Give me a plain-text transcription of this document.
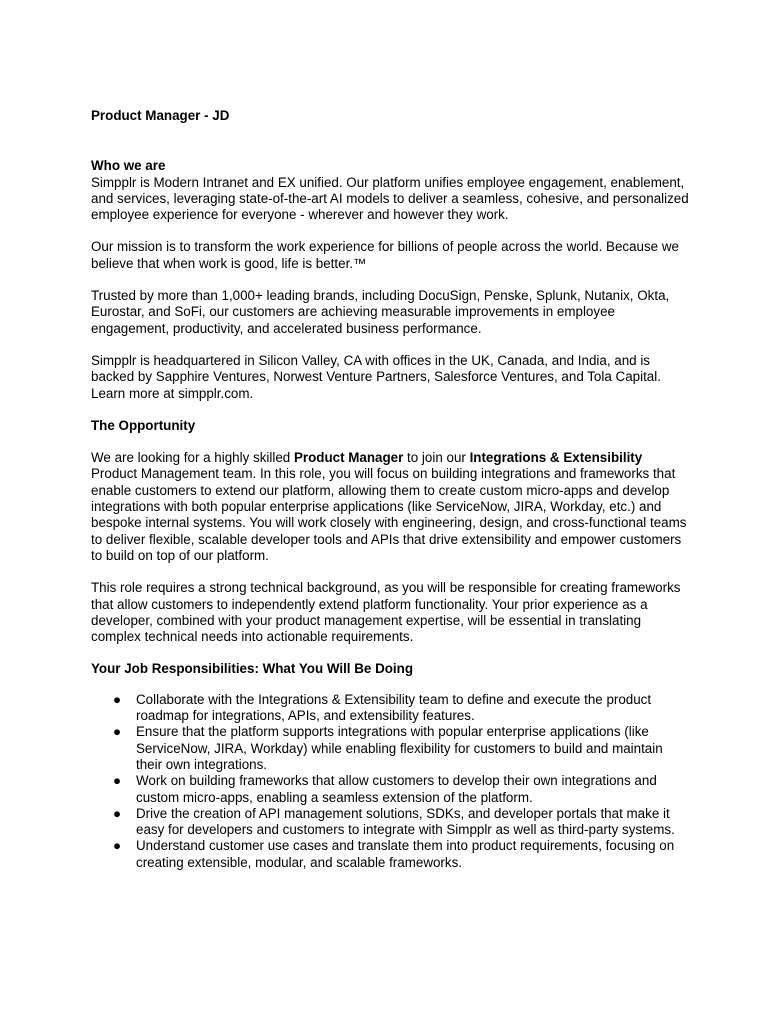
Product Manager - JD

Who we are

Simpplr is Modern Intranet and EX unified. Our platform unifies employee engagement, enablement, and services, leveraging state-of-the-art AI models to deliver a seamless, cohesive, and personalized employee experience for everyone - wherever and however they work.

Our mission is to transform the work experience for billions of people across the world. Because we believe that when work is good, life is better.™

Trusted by more than 1,000+ leading brands, including DocuSign, Penske, Splunk, Nutanix, Okta, Eurostar, and SoFi, our customers are achieving measurable improvements in employee engagement, productivity, and accelerated business performance.

Simpplr is headquartered in Silicon Valley, CA with offices in the UK, Canada, and India, and is backed by Sapphire Ventures, Norwest Venture Partners, Salesforce Ventures, and Tola Capital. Learn more at simpplr.com.

The Opportunity

We are looking for a highly skilled Product Manager to join our Integrations & Extensibility Product Management team. In this role, you will focus on building integrations and frameworks that enable customers to extend our platform, allowing them to create custom micro-apps and develop integrations with both popular enterprise applications (like ServiceNow, JIRA, Workday, etc.) and bespoke internal systems. You will work closely with engineering, design, and cross-functional teams to deliver flexible, scalable developer tools and APIs that drive extensibility and empower customers to build on top of our platform.

This role requires a strong technical background, as you will be responsible for creating frameworks that allow customers to independently extend platform functionality. Your prior experience as a developer, combined with your product management expertise, will be essential in translating complex technical needs into actionable requirements.

Your Job Responsibilities: What You Will Be Doing

● Collaborate with the Integrations & Extensibility team to define and execute the product roadmap for integrations, APIs, and extensibility features.
● Ensure that the platform supports integrations with popular enterprise applications (like ServiceNow, JIRA, Workday) while enabling flexibility for customers to build and maintain their own integrations.
● Work on building frameworks that allow customers to develop their own integrations and custom micro-apps, enabling a seamless extension of the platform.
● Drive the creation of API management solutions, SDKs, and developer portals that make it easy for developers and customers to integrate with Simpplr as well as third-party systems.
● Understand customer use cases and translate them into product requirements, focusing on creating extensible, modular, and scalable frameworks.
